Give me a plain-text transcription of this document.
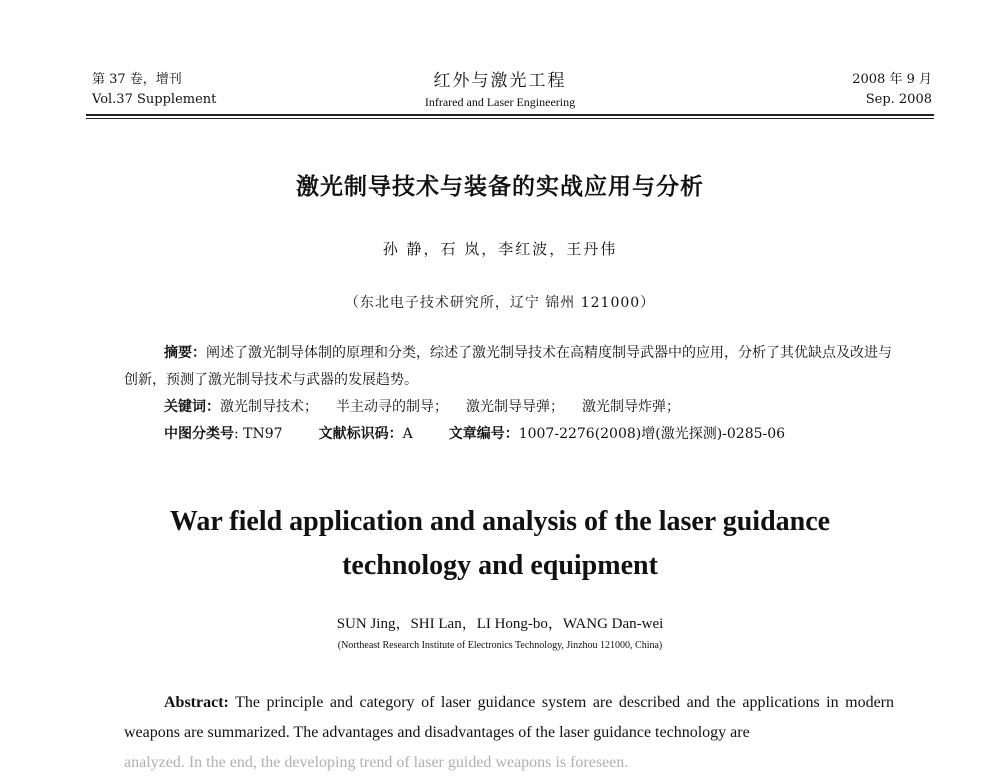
第 37 卷，增刊
Vol.37 Supplement
红外与激光工程
Infrared and Laser Engineering
2008 年 9 月
Sep. 2008
激光制导技术与装备的实战应用与分析
孙 静，石 岚，李红波，王丹伟
（东北电子技术研究所，辽宁 锦州 121000）
摘要：阐述了激光制导体制的原理和分类，综述了激光制导技术在高精度制导武器中的应用，分析了其优缺点及改进与创新，预测了激光制导技术与武器的发展趋势。
关键词：激光制导技术； 半主动寻的制导； 激光制导导弹； 激光制导炸弹；
中图分类号: TN97	文献标识码：A	文章编号：1007-2276(2008)增(激光探测)-0285-06
War field application and analysis of the laser guidance
technology and equipment
SUN Jing，SHI Lan，LI Hong-bo，WANG Dan-wei
(Northeast Research Institute of Electronics Technology, Jinzhou 121000, China)
Abstract: The principle and category of laser guidance system are described and the applications in modern weapons are summarized. The advantages and disadvantages of the laser guidance technology are
analyzed. In the end, the developing trend of laser guided weapons is foreseen.
